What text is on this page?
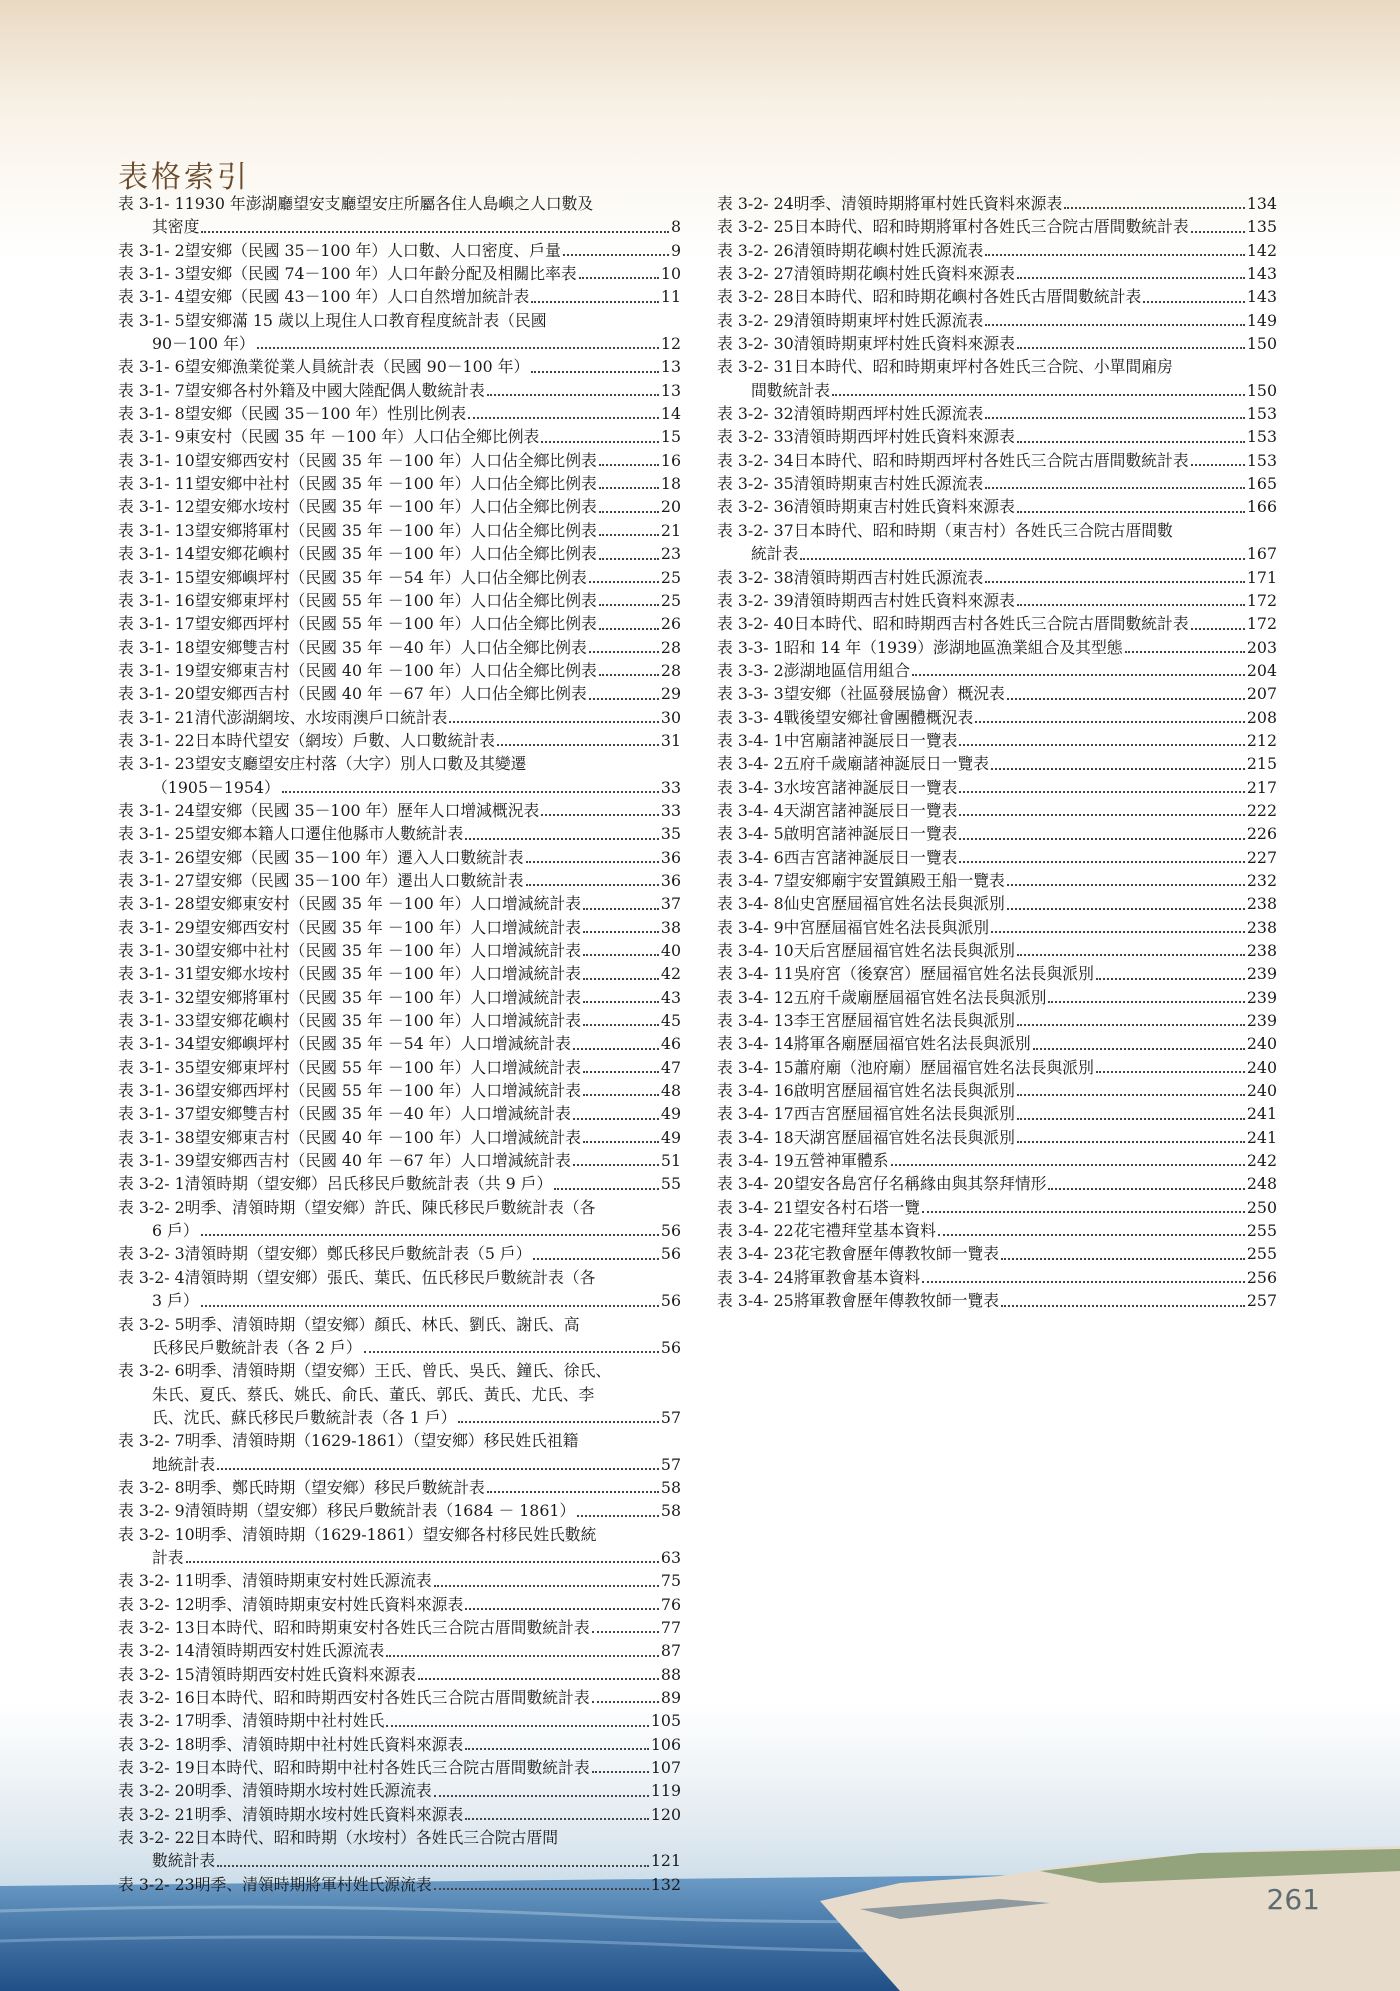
表格索引
表 3-1- 1 1930 年澎湖廳望安支廳望安庄所屬各住人島嶼之人口數及
其密度	8
表 3-1- 2 望安鄉（民國 35－100 年）人口數、人口密度、戶量	9
表 3-1- 3 望安鄉（民國 74－100 年）人口年齡分配及相關比率表	10
表 3-1- 4 望安鄉（民國 43－100 年）人口自然增加統計表	11
表 3-1- 5 望安鄉滿 15 歲以上現住人口教育程度統計表（民國
90－100 年）	12
表 3-1- 6 望安鄉漁業從業人員統計表（民國 90－100 年）	13
表 3-1- 7 望安鄉各村外籍及中國大陸配偶人數統計表	13
表 3-1- 8 望安鄉（民國 35－100 年）性別比例表	14
表 3-1- 9 東安村（民國 35 年 －100 年）人口佔全鄉比例表	15
表 3-1- 10 望安鄉西安村（民國 35 年 －100 年）人口佔全鄉比例表	16
表 3-1- 11 望安鄉中社村（民國 35 年 －100 年）人口佔全鄉比例表	18
表 3-1- 12 望安鄉水垵村（民國 35 年 －100 年）人口佔全鄉比例表	20
表 3-1- 13 望安鄉將軍村（民國 35 年 －100 年）人口佔全鄉比例表	21
表 3-1- 14 望安鄉花嶼村（民國 35 年 －100 年）人口佔全鄉比例表	23
表 3-1- 15 望安鄉嶼坪村（民國 35 年 －54 年）人口佔全鄉比例表	25
表 3-1- 16 望安鄉東坪村（民國 55 年 －100 年）人口佔全鄉比例表	25
表 3-1- 17 望安鄉西坪村（民國 55 年 －100 年）人口佔全鄉比例表	26
表 3-1- 18 望安鄉雙吉村（民國 35 年 －40 年）人口佔全鄉比例表	28
表 3-1- 19 望安鄉東吉村（民國 40 年 －100 年）人口佔全鄉比例表	28
表 3-1- 20 望安鄉西吉村（民國 40 年 －67 年）人口佔全鄉比例表	29
表 3-1- 21 清代澎湖網垵、水垵雨澳戶口統計表	30
表 3-1- 22 日本時代望安（網垵）戶數、人口數統計表	31
表 3-1- 23 望安支廳望安庄村落（大字）別人口數及其變遷
（1905－1954）	33
表 3-1- 24 望安鄉（民國 35－100 年）歷年人口增減概況表	33
表 3-1- 25 望安鄉本籍人口遷住他縣市人數統計表	35
表 3-1- 26 望安鄉（民國 35－100 年）遷入人口數統計表	36
表 3-1- 27 望安鄉（民國 35－100 年）遷出人口數統計表	36
表 3-1- 28 望安鄉東安村（民國 35 年 －100 年）人口增減統計表	37
表 3-1- 29 望安鄉西安村（民國 35 年 －100 年）人口增減統計表	38
表 3-1- 30 望安鄉中社村（民國 35 年 －100 年）人口增減統計表	40
表 3-1- 31 望安鄉水垵村（民國 35 年 －100 年）人口增減統計表	42
表 3-1- 32 望安鄉將軍村（民國 35 年 －100 年）人口增減統計表	43
表 3-1- 33 望安鄉花嶼村（民國 35 年 －100 年）人口增減統計表	45
表 3-1- 34 望安鄉嶼坪村（民國 35 年 －54 年）人口增減統計表	46
表 3-1- 35 望安鄉東坪村（民國 55 年 －100 年）人口增減統計表	47
表 3-1- 36 望安鄉西坪村（民國 55 年 －100 年）人口增減統計表	48
表 3-1- 37 望安鄉雙吉村（民國 35 年 －40 年）人口增減統計表	49
表 3-1- 38 望安鄉東吉村（民國 40 年 －100 年）人口增減統計表	49
表 3-1- 39 望安鄉西吉村（民國 40 年 －67 年）人口增減統計表	51
表 3-2- 1 清領時期（望安鄉）呂氏移民戶數統計表（共 9 戶）	55
表 3-2- 2 明季、清領時期（望安鄉）許氏、陳氏移民戶數統計表（各
6 戶）	56
表 3-2- 3 清領時期（望安鄉）鄭氏移民戶數統計表（5 戶）	56
表 3-2- 4 清領時期（望安鄉）張氏、葉氏、伍氏移民戶數統計表（各
3 戶）	56
表 3-2- 5 明季、清領時期（望安鄉）顏氏、林氏、劉氏、謝氏、高
氏移民戶數統計表（各 2 戶）	56
表 3-2- 6 明季、清領時期（望安鄉）王氏、曾氏、吳氏、鐘氏、徐氏、
朱氏、夏氏、蔡氏、姚氏、俞氏、董氏、郭氏、黃氏、尤氏、李
氏、沈氏、蘇氏移民戶數統計表（各 1 戶）	57
表 3-2- 7 明季、清領時期（1629-1861）（望安鄉）移民姓氏祖籍
地統計表	57
表 3-2- 8 明季、鄭氏時期（望安鄉）移民戶數統計表	58
表 3-2- 9 清領時期（望安鄉）移民戶數統計表（1684 － 1861）	58
表 3-2- 10 明季、清領時期（1629-1861）望安鄉各村移民姓氏數統
計表	63
表 3-2- 11 明季、清領時期東安村姓氏源流表	75
表 3-2- 12 明季、清領時期東安村姓氏資料來源表	76
表 3-2- 13 日本時代、昭和時期東安村各姓氏三合院古厝間數統計表	77
表 3-2- 14 清領時期西安村姓氏源流表	87
表 3-2- 15 清領時期西安村姓氏資料來源表	88
表 3-2- 16 日本時代、昭和時期西安村各姓氏三合院古厝間數統計表	89
表 3-2- 17 明季、清領時期中社村姓氏	105
表 3-2- 18 明季、清領時期中社村姓氏資料來源表	106
表 3-2- 19 日本時代、昭和時期中社村各姓氏三合院古厝間數統計表	107
表 3-2- 20 明季、清領時期水垵村姓氏源流表	119
表 3-2- 21 明季、清領時期水垵村姓氏資料來源表	120
表 3-2- 22 日本時代、昭和時期（水垵村）各姓氏三合院古厝間
數統計表	121
表 3-2- 23 明季、清領時期將軍村姓氏源流表	132
表 3-2- 24 明季、清領時期將軍村姓氏資料來源表	134
表 3-2- 25 日本時代、昭和時期將軍村各姓氏三合院古厝間數統計表	135
表 3-2- 26 清領時期花嶼村姓氏源流表	142
表 3-2- 27 清領時期花嶼村姓氏資料來源表	143
表 3-2- 28 日本時代、昭和時期花嶼村各姓氏古厝間數統計表	143
表 3-2- 29 清領時期東坪村姓氏源流表	149
表 3-2- 30 清領時期東坪村姓氏資料來源表	150
表 3-2- 31 日本時代、昭和時期東坪村各姓氏三合院、小單間廂房
間數統計表	150
表 3-2- 32 清領時期西坪村姓氏源流表	153
表 3-2- 33 清領時期西坪村姓氏資料來源表	153
表 3-2- 34 日本時代、昭和時期西坪村各姓氏三合院古厝間數統計表	153
表 3-2- 35 清領時期東吉村姓氏源流表	165
表 3-2- 36 清領時期東吉村姓氏資料來源表	166
表 3-2- 37 日本時代、昭和時期（東吉村）各姓氏三合院古厝間數
統計表	167
表 3-2- 38 清領時期西吉村姓氏源流表	171
表 3-2- 39 清領時期西吉村姓氏資料來源表	172
表 3-2- 40 日本時代、昭和時期西吉村各姓氏三合院古厝間數統計表	172
表 3-3- 1 昭和 14 年（1939）澎湖地區漁業組合及其型態	203
表 3-3- 2 澎湖地區信用組合	204
表 3-3- 3 望安鄉（社區發展協會）概況表	207
表 3-3- 4 戰後望安鄉社會團體概況表	208
表 3-4- 1 中宮廟諸神誕辰日一覽表	212
表 3-4- 2 五府千歲廟諸神誕辰日一覽表	215
表 3-4- 3 水垵宮諸神誕辰日一覽表	217
表 3-4- 4 天湖宮諸神誕辰日一覽表	222
表 3-4- 5 啟明宮諸神誕辰日一覽表	226
表 3-4- 6 西吉宮諸神誕辰日一覽表	227
表 3-4- 7 望安鄉廟宇安置鎮殿王船一覽表	232
表 3-4- 8 仙史宮歷屆福官姓名法長與派別	238
表 3-4- 9 中宮歷屆福官姓名法長與派別	238
表 3-4- 10 天后宮歷屆福官姓名法長與派別	238
表 3-4- 11 吳府宮（後寮宮）歷屆福官姓名法長與派別	239
表 3-4- 12 五府千歲廟歷屆福官姓名法長與派別	239
表 3-4- 13 李王宮歷屆福官姓名法長與派別	239
表 3-4- 14 將軍各廟歷屆福官姓名法長與派別	240
表 3-4- 15 蕭府廟（池府廟）歷屆福官姓名法長與派別	240
表 3-4- 16 啟明宮歷屆福官姓名法長與派別	240
表 3-4- 17 西吉宮歷屆福官姓名法長與派別	241
表 3-4- 18 天湖宮歷屆福官姓名法長與派別	241
表 3-4- 19 五營神軍體系	242
表 3-4- 20 望安各島宮仔名稱緣由與其祭拜情形	248
表 3-4- 21 望安各村石塔一覽	250
表 3-4- 22 花宅禮拜堂基本資料	255
表 3-4- 23 花宅教會歷年傳教牧師一覽表	255
表 3-4- 24 將軍教會基本資料	256
表 3-4- 25 將軍教會歷年傳教牧師一覽表	257
261
